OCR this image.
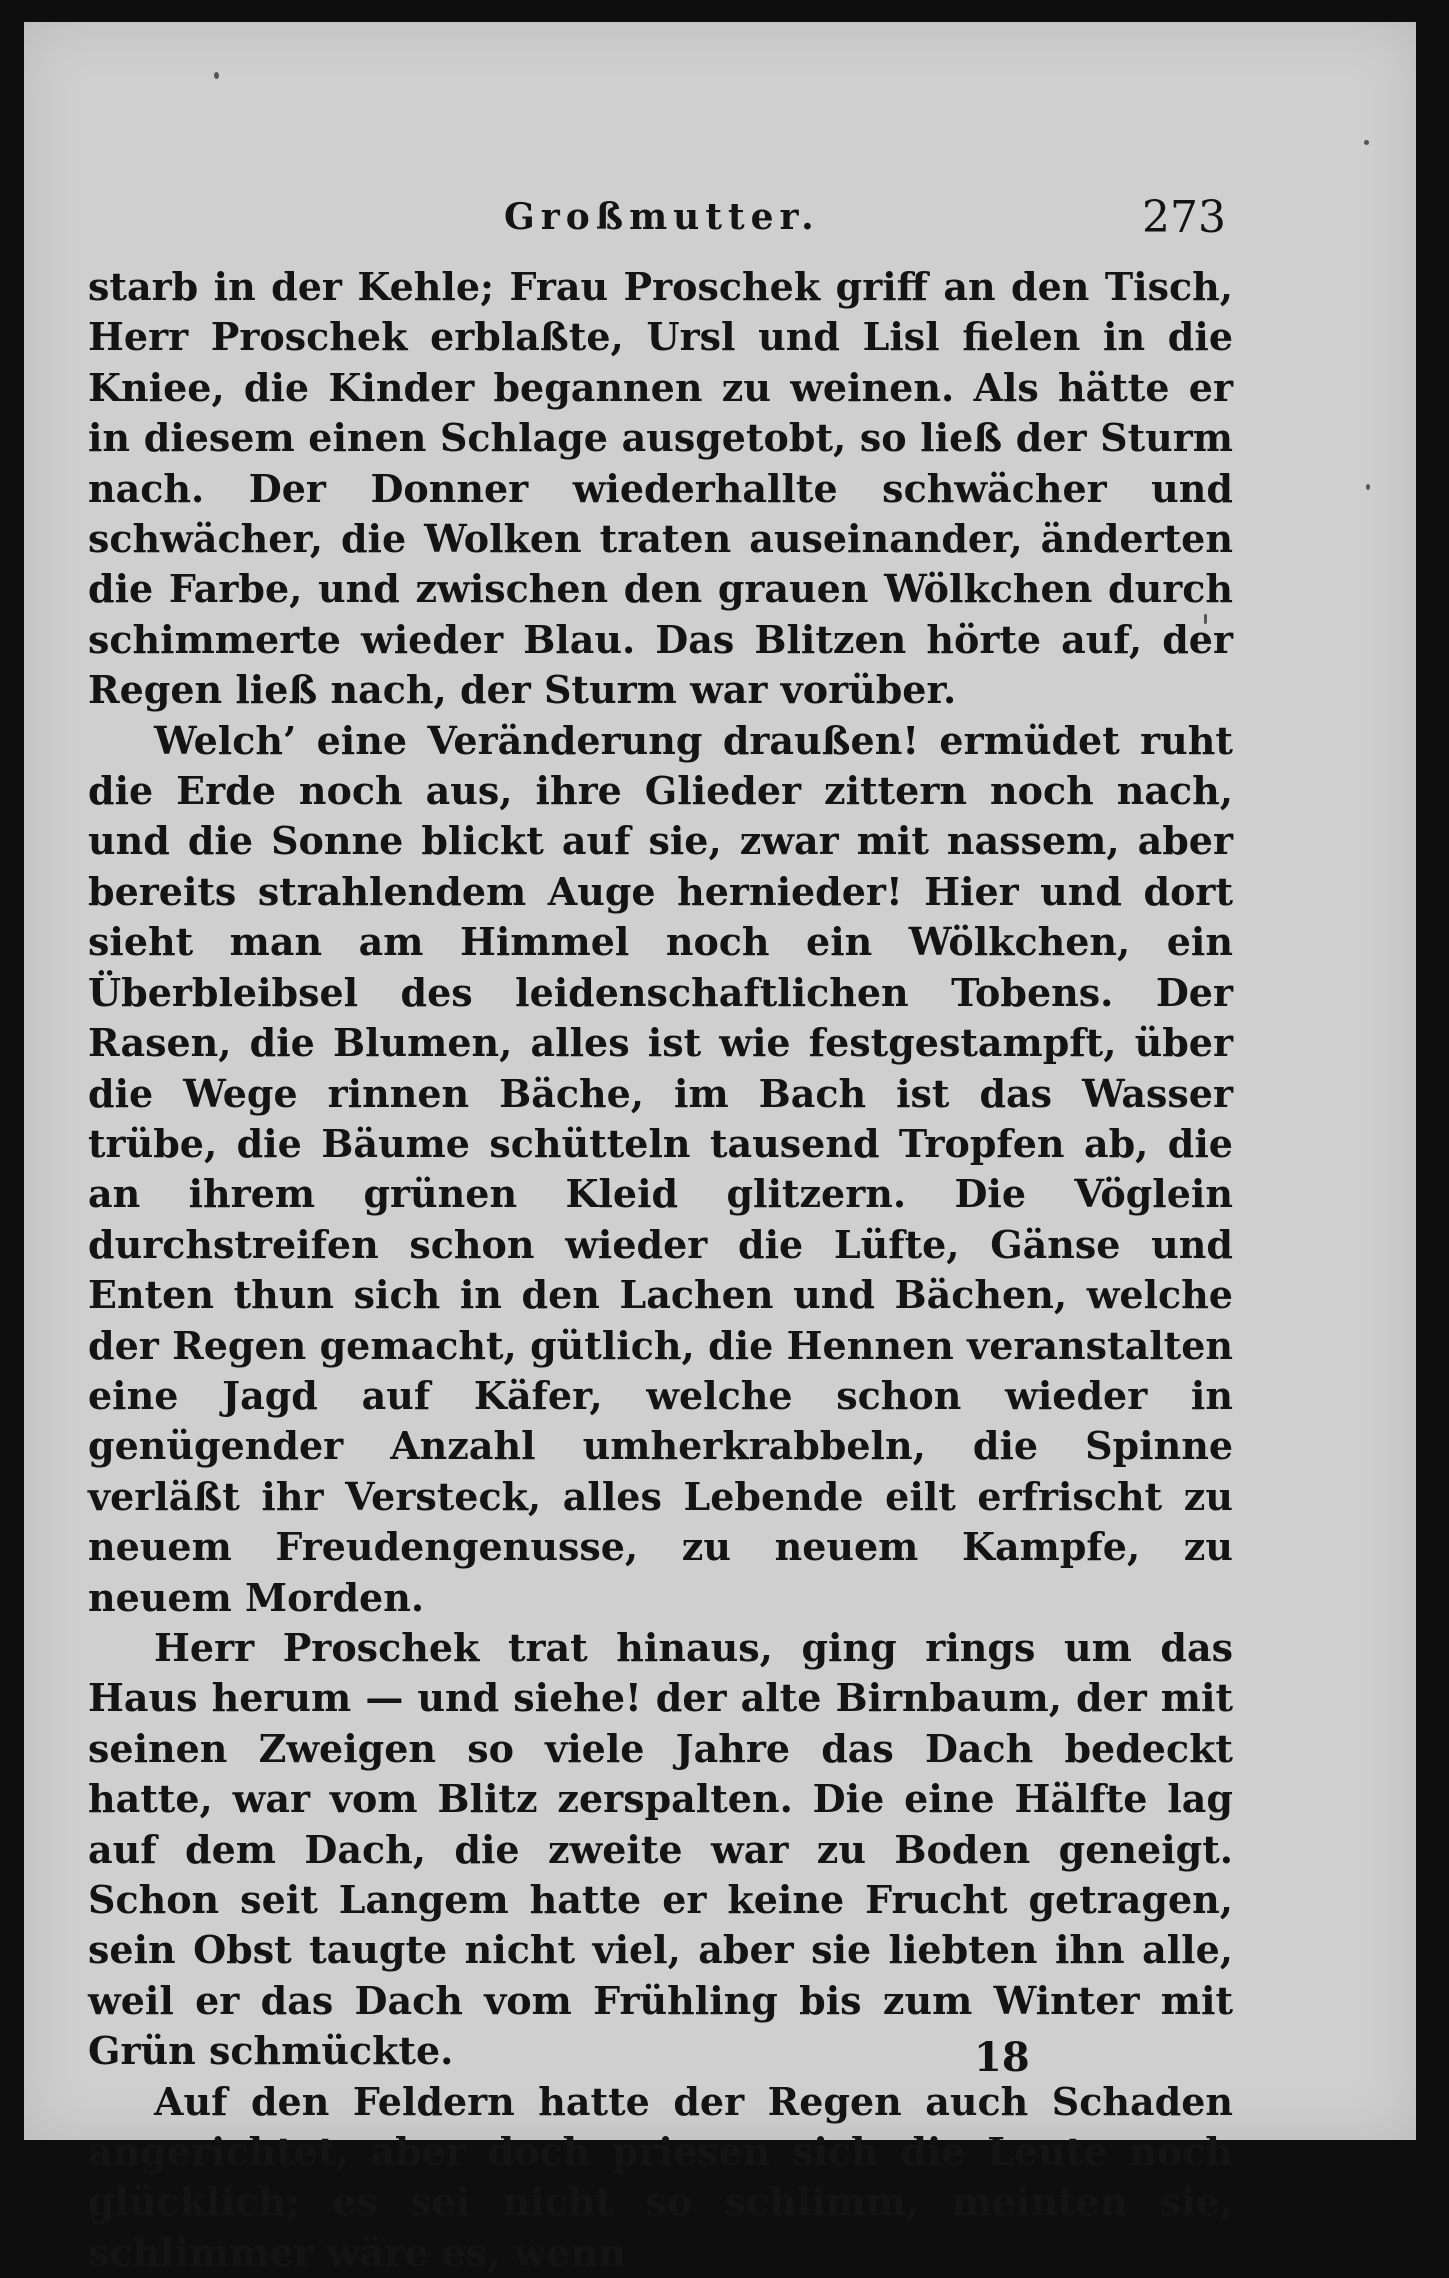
Großmutter.	273

starb in der Kehle; Frau Proschek griff an den Tisch, Herr Proschek erblaßte, Ursl und Lisl fielen in die Kniee, die Kinder begannen zu weinen. Als hätte er in diesem einen Schlage ausgetobt, so ließ der Sturm nach. Der Donner wiederhallte schwächer und schwächer, die Wolken traten auseinander, änderten die Farbe, und zwischen den grauen Wölkchen durch schimmerte wieder Blau. Das Blitzen hörte auf, der Regen ließ nach, der Sturm war vorüber.

Welch’ eine Veränderung draußen! ermüdet ruht die Erde noch aus, ihre Glieder zittern noch nach, und die Sonne blickt auf sie, zwar mit nassem, aber bereits strahlendem Auge hernieder! Hier und dort sieht man am Himmel noch ein Wölkchen, ein Überbleibsel des leidenschaftlichen Tobens. Der Rasen, die Blumen, alles ist wie festgestampft, über die Wege rinnen Bäche, im Bach ist das Wasser trübe, die Bäume schütteln tausend Tropfen ab, die an ihrem grünen Kleid glitzern. Die Vöglein durchstreifen schon wieder die Lüfte, Gänse und Enten thun sich in den Lachen und Bächen, welche der Regen gemacht, gütlich, die Hennen veranstalten eine Jagd auf Käfer, welche schon wieder in genügender Anzahl umherkrabbeln, die Spinne verläßt ihr Versteck, alles Lebende eilt erfrischt zu neuem Freudengenusse, zu neuem Kampfe, zu neuem Morden.

Herr Proschek trat hinaus, ging rings um das Haus herum — und siehe! der alte Birnbaum, der mit seinen Zweigen so viele Jahre das Dach bedeckt hatte, war vom Blitz zerspalten. Die eine Hälfte lag auf dem Dach, die zweite war zu Boden geneigt. Schon seit Langem hatte er keine Frucht getragen, sein Obst taugte nicht viel, aber sie liebten ihn alle, weil er das Dach vom Frühling bis zum Winter mit Grün schmückte.

Auf den Feldern hatte der Regen auch Schaden angerichtet, aber doch priesen sich die Leute noch glücklich; es sei nicht so schlimm, meinten sie, schlimmer wäre es, wenn

18
